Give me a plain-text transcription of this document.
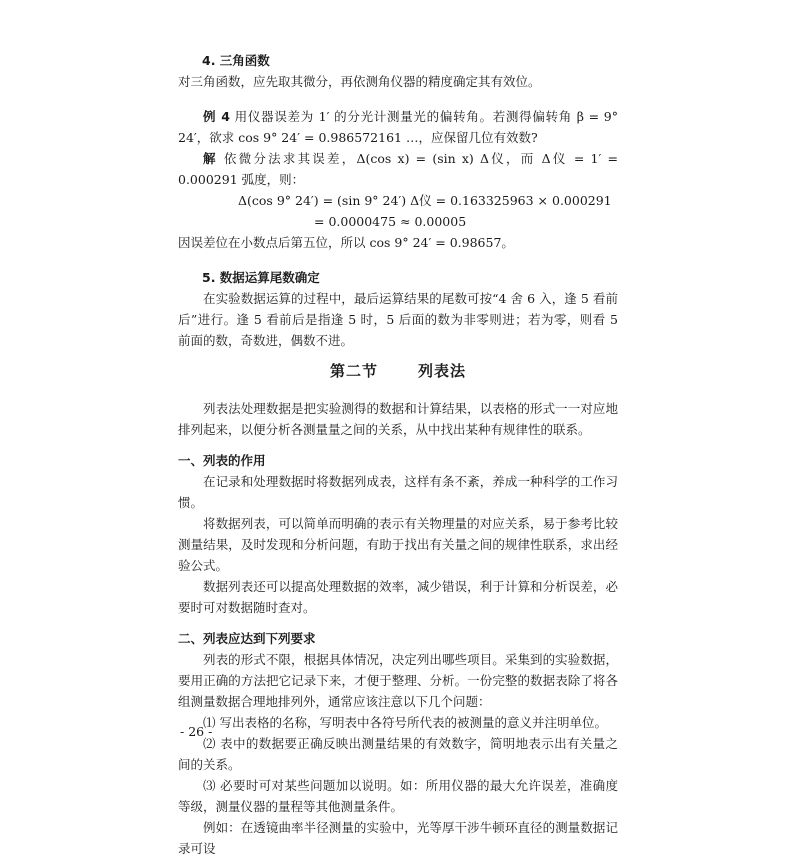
4. 三角函数

对三角函数，应先取其微分，再依测角仪器的精度确定其有效位。

例 4 用仪器误差为 1′ 的分光计测量光的偏转角。若测得偏转角 β = 9° 24′，欲求 cos 9° 24′ = 0.986572161 …，应保留几位有效数?

解 依微分法求其误差，Δ(cos x) = (sin x) Δ仪，而 Δ仪 = 1′ = 0.000291 弧度，则：

Δ(cos 9° 24′) = (sin 9° 24′) Δ仪 = 0.163325963 × 0.000291

= 0.0000475 ≈ 0.00005

因误差位在小数点后第五位，所以 cos 9° 24′ = 0.98657。

5. 数据运算尾数确定

在实验数据运算的过程中，最后运算结果的尾数可按“4 舍 6 入，逢 5 看前后”进行。逢 5 看前后是指逢 5 时，5 后面的数为非零则进；若为零，则看 5 前面的数，奇数进，偶数不进。

第二节	列表法

列表法处理数据是把实验测得的数据和计算结果，以表格的形式一一对应地排列起来，以便分析各测量量之间的关系，从中找出某种有规律性的联系。

一、列表的作用

在记录和处理数据时将数据列成表，这样有条不紊，养成一种科学的工作习惯。

将数据列表，可以简单而明确的表示有关物理量的对应关系，易于参考比较测量结果，及时发现和分析问题，有助于找出有关量之间的规律性联系，求出经验公式。

数据列表还可以提高处理数据的效率，减少错误，利于计算和分析误差，必要时可对数据随时查对。

二、列表应达到下列要求

列表的形式不限，根据具体情况，决定列出哪些项目。采集到的实验数据，要用正确的方法把它记录下来，才便于整理、分析。一份完整的数据表除了将各组测量数据合理地排列外，通常应该注意以下几个问题：

⑴ 写出表格的名称，写明表中各符号所代表的被测量的意义并注明单位。

⑵ 表中的数据要正确反映出测量结果的有效数字，简明地表示出有关量之间的关系。

⑶ 必要时可对某些问题加以说明。如：所用仪器的最大允许误差，准确度等级，测量仪器的量程等其他测量条件。

例如：在透镜曲率半径测量的实验中，光等厚干涉牛顿环直径的测量数据记录可设

- 26 -
